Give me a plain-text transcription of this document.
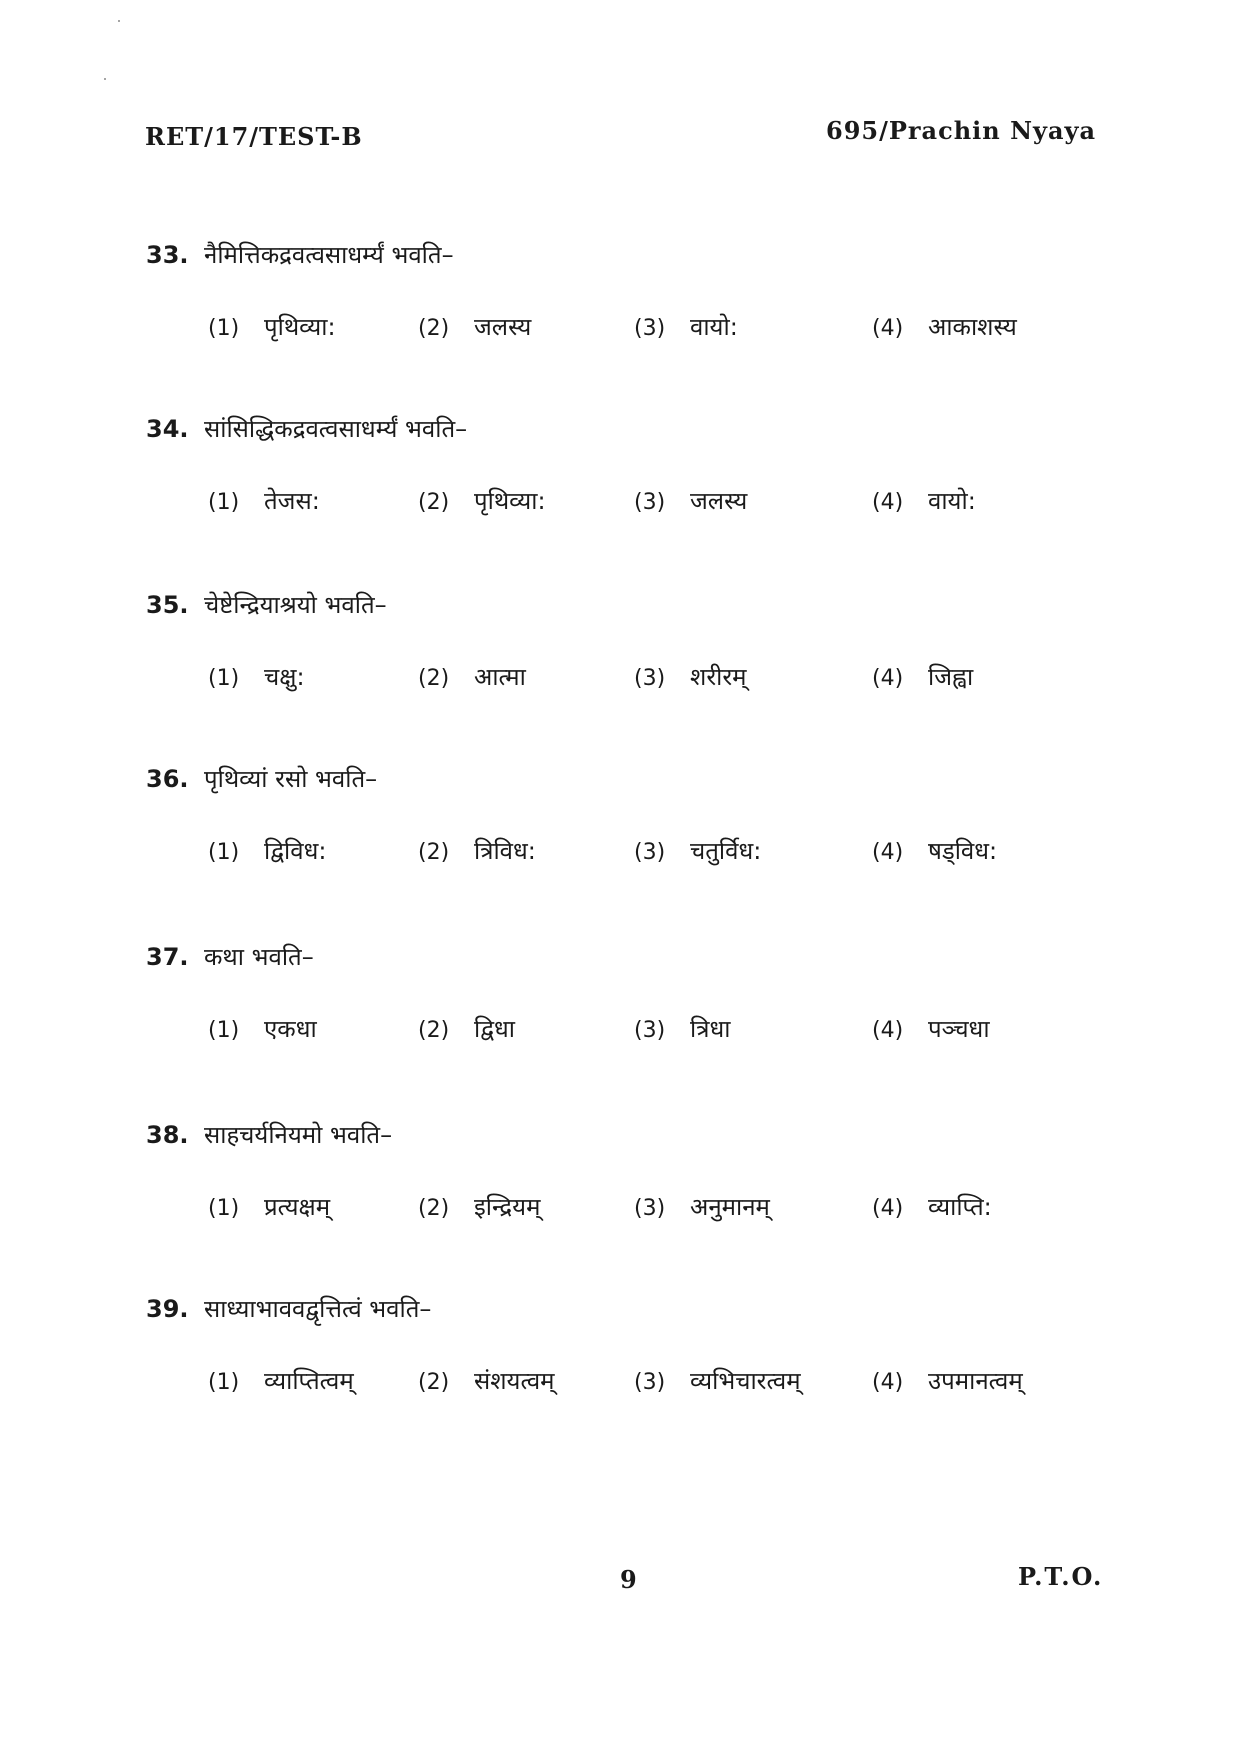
RET/17/TEST-B	695/Prachin Nyaya
33. नैमित्तिकद्रवत्वसाधर्म्यं भवति–
(1)	पृथिव्या:	(2)	जलस्य	(3)	वायो:	(4)	आकाशस्य
34. सांसिद्धिकद्रवत्वसाधर्म्यं भवति–
(1)	तेजस:	(2)	पृथिव्या:	(3)	जलस्य	(4)	वायो:
35. चेष्टेन्द्रियाश्रयो भवति–
(1)	चक्षु:	(2)	आत्मा	(3)	शरीरम्	(4)	जिह्वा
36. पृथिव्यां रसो भवति–
(1)	द्विविध:	(2)	त्रिविध:	(3)	चतुर्विध:	(4)	षड्विध:
37. कथा भवति–
(1)	एकधा	(2)	द्विधा	(3)	त्रिधा	(4)	पञ्चधा
38. साहचर्यनियमो भवति–
(1)	प्रत्यक्षम्	(2)	इन्द्रियम्	(3)	अनुमानम्	(4)	व्याप्ति:
39. साध्याभाववद्वृत्तित्वं भवति–
(1)	व्याप्तित्वम्	(2)	संशयत्वम्	(3)	व्यभिचारत्वम्	(4)	उपमानत्वम्
9	P.T.O.
